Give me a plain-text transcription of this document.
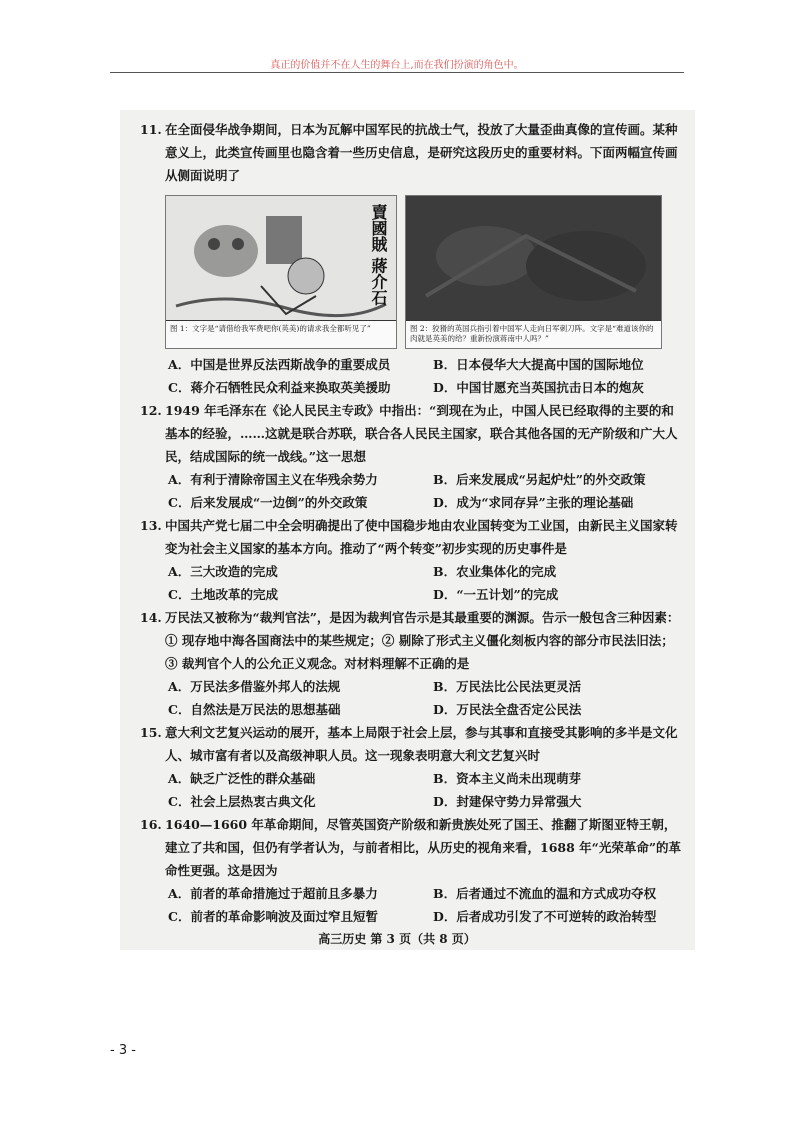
真正的价值并不在人生的舞台上,而在我们扮演的角色中。

11. 在全面侵华战争期间，日本为瓦解中国军民的抗战士气，投放了大量歪曲真像的宣传画。某种意义上，此类宣传画里也隐含着一些历史信息，是研究这段历史的重要材料。下面两幅宣传画从侧面说明了

賣國賊 蔣介石
图 1：文字是“请借给我军费吧你(英美)的请求我全都听见了”	图 2：狡猾的英国兵指引着中国军人走向日军刺刀阵。文字是“难道该你的肉就是英美的给？重新扮演蒋南中人吗？”
A．中国是世界反法西斯战争的重要成员	B．日本侵华大大提高中国的国际地位
C．蒋介石牺牲民众利益来换取英美援助	D．中国甘愿充当英国抗击日本的炮灰

12. 1949 年毛泽东在《论人民民主专政》中指出：“到现在为止，中国人民已经取得的主要的和基本的经验，……这就是联合苏联，联合各人民民主国家，联合其他各国的无产阶级和广大人民，结成国际的统一战线。”这一思想

A．有利于清除帝国主义在华残余势力	B．后来发展成“另起炉灶”的外交政策
C．后来发展成“一边倒”的外交政策	D．成为“求同存异”主张的理论基础

13. 中国共产党七届二中全会明确提出了使中国稳步地由农业国转变为工业国，由新民主义国家转变为社会主义国家的基本方向。推动了“两个转变”初步实现的历史事件是

A．三大改造的完成	B．农业集体化的完成
C．土地改革的完成	D．“一五计划”的完成

14. 万民法又被称为“裁判官法”，是因为裁判官告示是其最重要的渊源。告示一般包含三种因素：① 现存地中海各国商法中的某些规定；② 剔除了形式主义僵化刻板内容的部分市民法旧法；③ 裁判官个人的公允正义观念。对材料理解不正确的是

A．万民法多借鉴外邦人的法规	B．万民法比公民法更灵活
C．自然法是万民法的思想基础	D．万民法全盘否定公民法

15. 意大利文艺复兴运动的展开，基本上局限于社会上层，参与其事和直接受其影响的多半是文化人、城市富有者以及高级神职人员。这一现象表明意大利文艺复兴时

A．缺乏广泛性的群众基础	B．资本主义尚未出现萌芽
C．社会上层热衷古典文化	D．封建保守势力异常强大

16. 1640—1660 年革命期间，尽管英国资产阶级和新贵族处死了国王、推翻了斯图亚特王朝，建立了共和国，但仍有学者认为，与前者相比，从历史的视角来看，1688 年“光荣革命”的革命性更强。这是因为

A．前者的革命措施过于超前且多暴力	B．后者通过不流血的温和方式成功夺权
C．前者的革命影响波及面过窄且短暂	D．后者成功引发了不可逆转的政治转型
高三历史 第 3 页（共 8 页）
- 3 -
